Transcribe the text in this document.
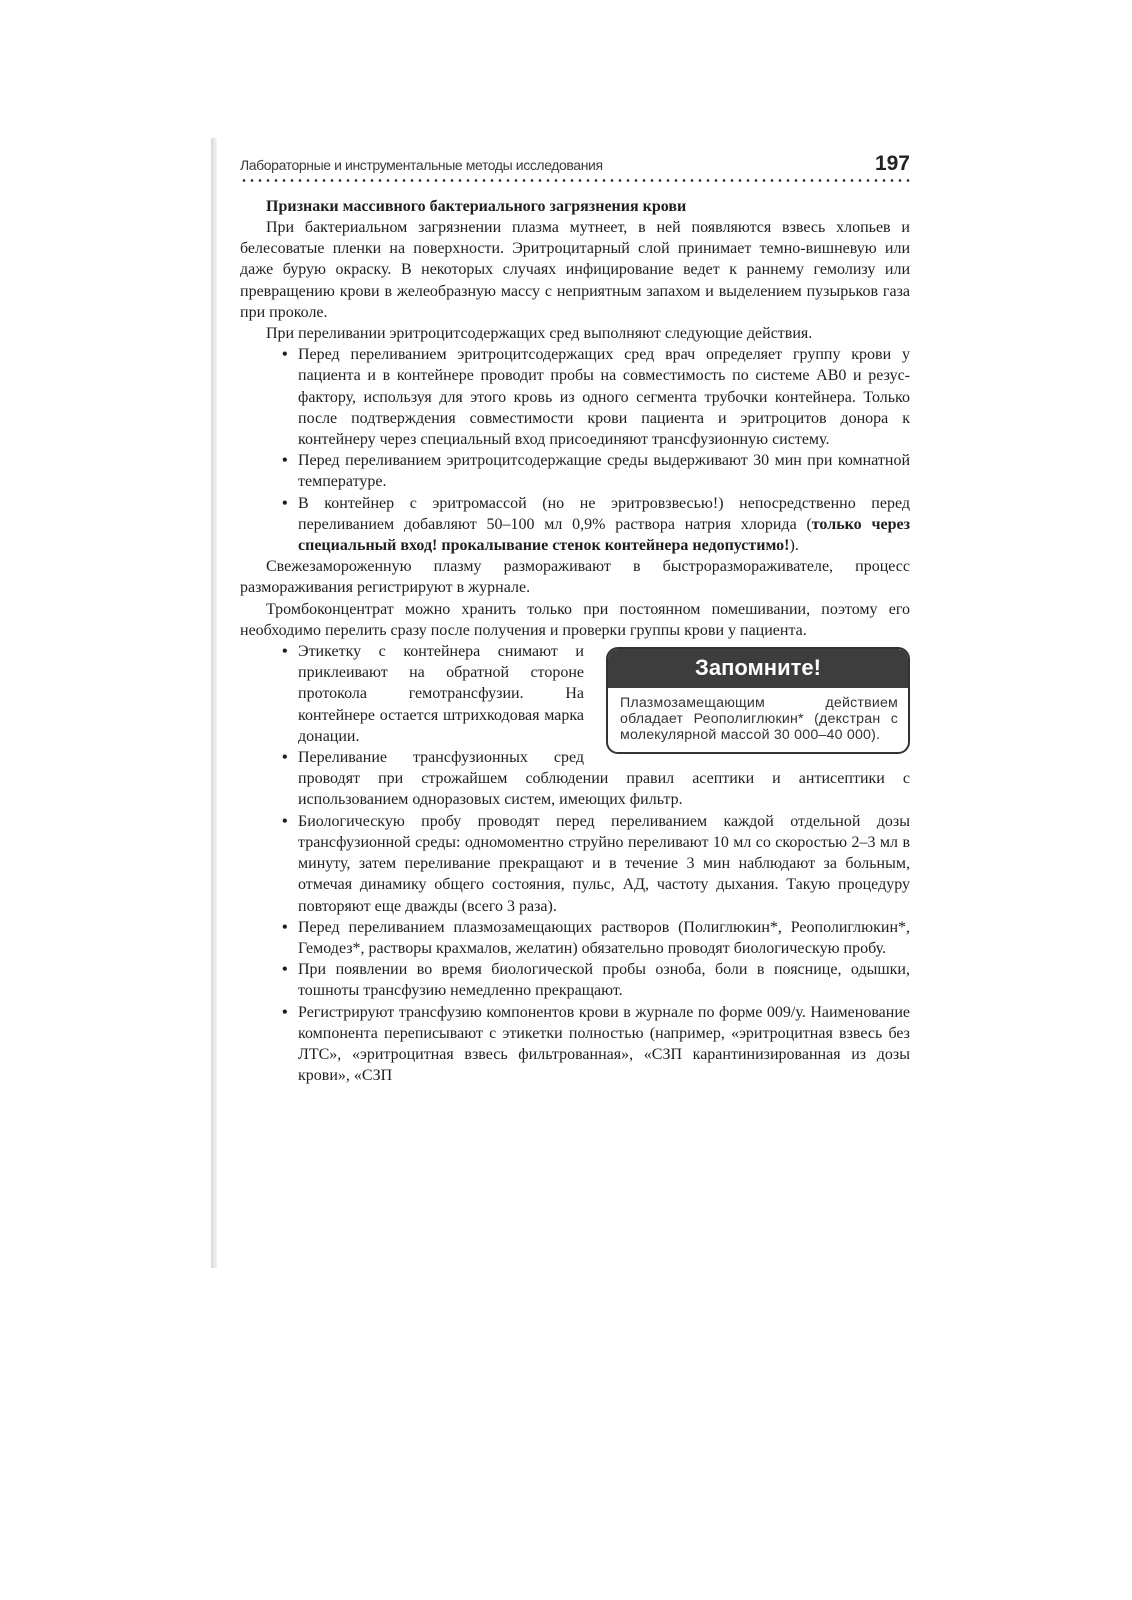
Лабораторные и инструментальные методы исследования	197
Признаки массивного бактериального загрязнения крови

При бактериальном загрязнении плазма мутнеет, в ней появляются взвесь хлопьев и белесоватые пленки на поверхности. Эритроцитарный слой принимает темно-вишневую или даже бурую окраску. В некоторых случаях инфицирование ведет к раннему гемолизу или превращению крови в желеобразную массу с неприятным запахом и выделением пузырьков газа при проколе.

При переливании эритроцитсодержащих сред выполняют следующие действия.

• Перед переливанием эритроцитсодержащих сред врач определяет группу крови у пациента и в контейнере проводит пробы на совместимость по системе АВ0 и резус-фактору, используя для этого кровь из одного сегмента трубочки контейнера. Только после подтверждения совместимости крови пациента и эритроцитов донора к контейнеру через специальный вход присоединяют трансфузионную систему.
• Перед переливанием эритроцитсодержащие среды выдерживают 30 мин при комнатной температуре.
• В контейнер с эритромассой (но не эритровзвесью!) непосредственно перед переливанием добавляют 50–100 мл 0,9% раствора натрия хлорида (только через специальный вход! прокалывание стенок контейнера недопустимо!).

Свежезамороженную плазму размораживают в быстроразмораживателе, процесс размораживания регистрируют в журнале.

Тромбоконцентрат можно хранить только при постоянном помешивании, поэтому его необходимо перелить сразу после получения и проверки группы крови у пациента.

Запомните!
Плазмозамещающим действием обладает Реополиглюкин* (декстран с молекулярной массой 30 000–40 000).
• Этикетку с контейнера снимают и приклеивают на обратной стороне протокола гемотрансфузии. На контейнере остается штрихкодовая марка донации.
• Переливание трансфузионных сред проводят при строжайшем соблюдении правил асептики и антисептики с использованием одноразовых систем, имеющих фильтр.
• Биологическую пробу проводят перед переливанием каждой отдельной дозы трансфузионной среды: одномоментно струйно переливают 10 мл со скоростью 2–3 мл в минуту, затем переливание прекращают и в течение 3 мин наблюдают за больным, отмечая динамику общего состояния, пульс, АД, частоту дыхания. Такую процедуру повторяют еще дважды (всего 3 раза).
• Перед переливанием плазмозамещающих растворов (Полиглюкин*, Реополиглюкин*, Гемодез*, растворы крахмалов, желатин) обязательно проводят биологическую пробу.
• При появлении во время биологической пробы озноба, боли в пояснице, одышки, тошноты трансфузию немедленно прекращают.
• Регистрируют трансфузию компонентов крови в журнале по форме 009/у. Наименование компонента переписывают с этикетки полностью (например, «эритроцитная взвесь без ЛТС», «эритроцитная взвесь фильтрованная», «СЗП карантинизированная из дозы крови», «СЗП
